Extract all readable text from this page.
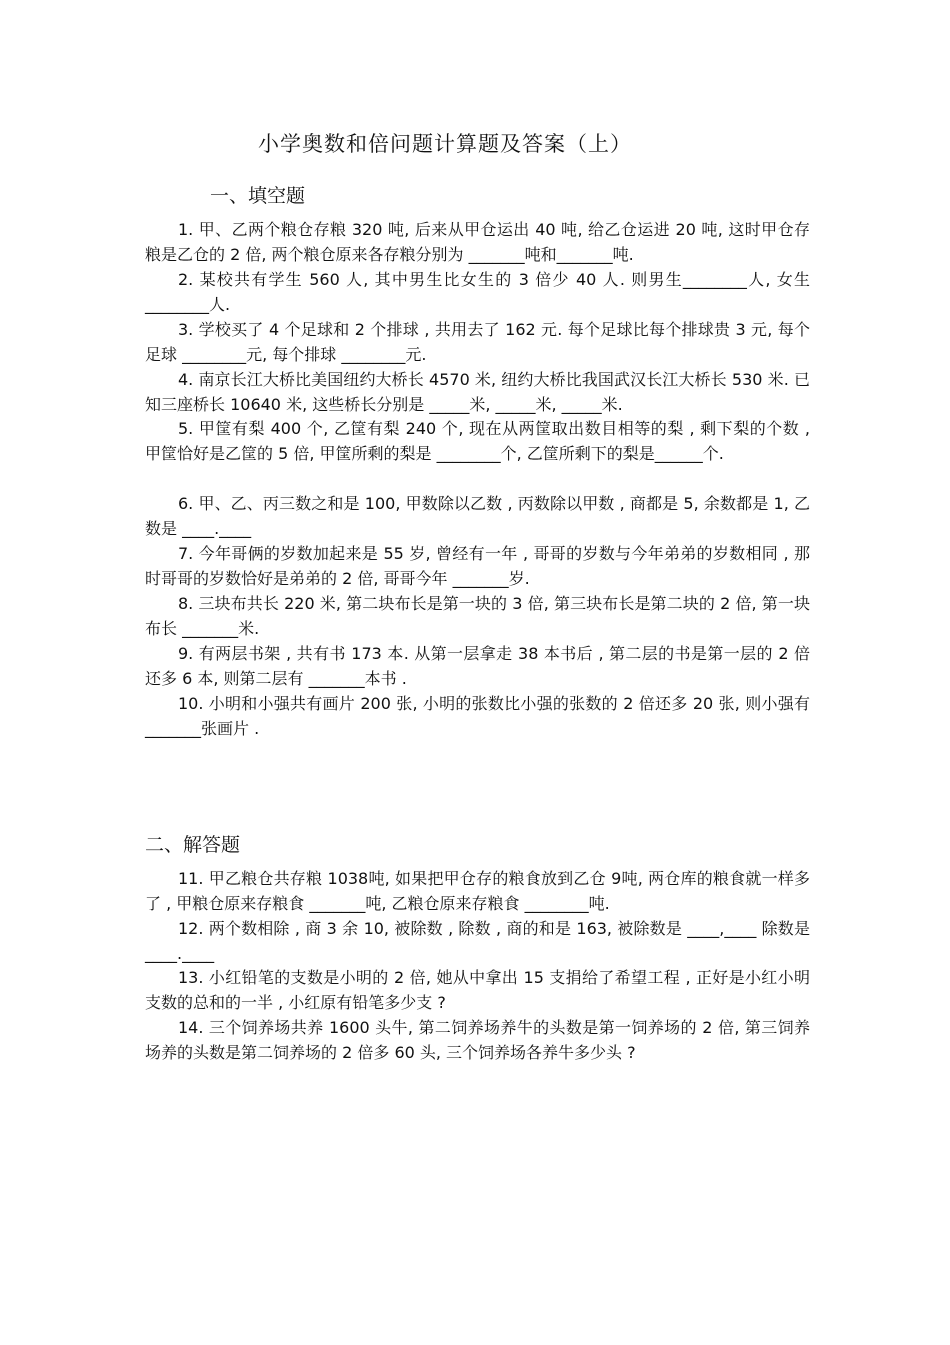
小学奥数和倍问题计算题及答案（上）
一、填空题

1. 甲、乙两个粮仓存粮 320 吨, 后来从甲仓运出 40 吨, 给乙仓运进 20 吨, 这时甲仓存粮是乙仓的 2 倍, 两个粮仓原来各存粮分别为 _______吨和_______吨.

2. 某校共有学生 560 人, 其中男生比女生的 3 倍少 40 人. 则男生________人, 女生________人.

3. 学校买了 4 个足球和 2 个排球 , 共用去了 162 元. 每个足球比每个排球贵 3 元, 每个足球 ________元, 每个排球 ________元.

4. 南京长江大桥比美国纽约大桥长 4570 米, 纽约大桥比我国武汉长江大桥长 530 米. 已知三座桥长 10640 米, 这些桥长分别是 _____米, _____米, _____米.

5. 甲筐有梨 400 个, 乙筐有梨 240 个, 现在从两筐取出数目相等的梨 , 剩下梨的个数 , 甲筐恰好是乙筐的 5 倍, 甲筐所剩的梨是 ________个, 乙筐所剩下的梨是______个.

6. 甲、乙、丙三数之和是 100, 甲数除以乙数 , 丙数除以甲数 , 商都是 5, 余数都是 1, 乙数是 ____.____

7. 今年哥俩的岁数加起来是 55 岁, 曾经有一年 , 哥哥的岁数与今年弟弟的岁数相同 , 那时哥哥的岁数恰好是弟弟的 2 倍, 哥哥今年 _______岁.

8. 三块布共长 220 米, 第二块布长是第一块的 3 倍, 第三块布长是第二块的 2 倍, 第一块布长 _______米.

9. 有两层书架 , 共有书 173 本. 从第一层拿走 38 本书后 , 第二层的书是第一层的 2 倍还多 6 本, 则第二层有 _______本书 .

10. 小明和小强共有画片 200 张, 小明的张数比小强的张数的 2 倍还多 20 张, 则小强有 _______张画片 .

二、解答题

11. 甲乙粮仓共存粮 1038吨, 如果把甲仓存的粮食放到乙仓 9吨, 两仓库的粮食就一样多了 , 甲粮仓原来存粮食 _______吨, 乙粮仓原来存粮食 ________吨.

12. 两个数相除 , 商 3 余 10, 被除数 , 除数 , 商的和是 163, 被除数是 ____,____ 除数是 ____.____

13. 小红铅笔的支数是小明的 2 倍, 她从中拿出 15 支捐给了希望工程 , 正好是小红小明支数的总和的一半 , 小红原有铅笔多少支 ?

14. 三个饲养场共养 1600 头牛, 第二饲养场养牛的头数是第一饲养场的 2 倍, 第三饲养场养的头数是第二饲养场的 2 倍多 60 头, 三个饲养场各养牛多少头 ?
